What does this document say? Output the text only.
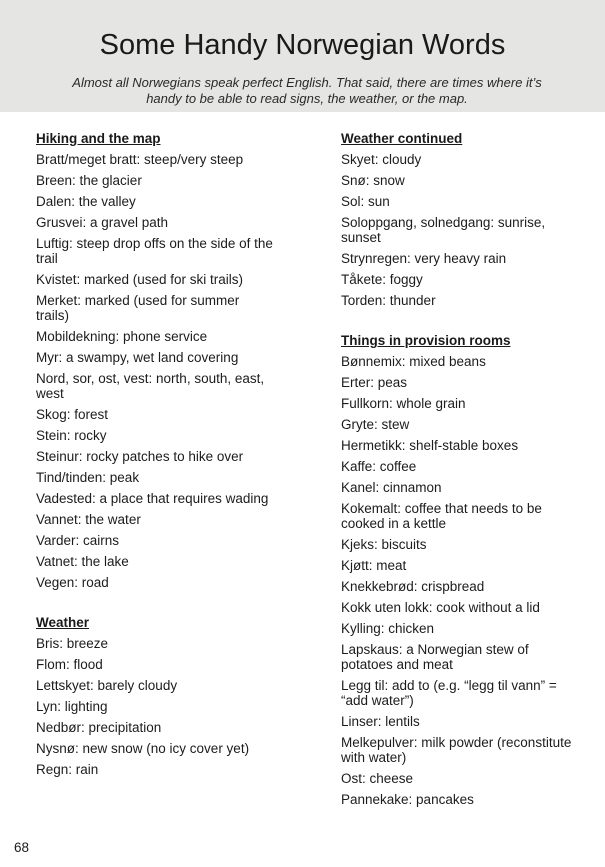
Some Handy Norwegian Words
Almost all Norwegians speak perfect English. That said, there are times where it’s handy to be able to read signs, the weather, or the map.
Hiking and the map
Bratt/meget bratt: steep/very steep
Breen: the glacier
Dalen: the valley
Grusvei: a gravel path
Luftig: steep drop offs on the side of the trail
Kvistet: marked (used for ski trails)
Merket: marked (used for summer trails)
Mobildekning: phone service
Myr: a swampy, wet land covering
Nord, sor, ost, vest: north, south, east, west
Skog: forest
Stein: rocky
Steinur: rocky patches to hike over
Tind/tinden: peak
Vadested: a place that requires wading
Vannet: the water
Varder: cairns
Vatnet: the lake
Vegen: road
Weather
Bris: breeze
Flom: flood
Lettskyet: barely cloudy
Lyn: lighting
Nedbør: precipitation
Nysnø: new snow (no icy cover yet)
Regn: rain
Weather continued
Skyet: cloudy
Snø: snow
Sol: sun
Soloppgang, solnedgang: sunrise, sunset
Strynregen: very heavy rain
Tåkete: foggy
Torden: thunder
Things in provision rooms
Bønnemix: mixed beans
Erter: peas
Fullkorn: whole grain
Gryte: stew
Hermetikk: shelf-stable boxes
Kaffe: coffee
Kanel: cinnamon
Kokemalt: coffee that needs to be cooked in a kettle
Kjeks: biscuits
Kjøtt: meat
Knekkebrød: crispbread
Kokk uten lokk: cook without a lid
Kylling: chicken
Lapskaus: a Norwegian stew of potatoes and meat
Legg til: add to (e.g. “legg til vann” = “add water”)
Linser: lentils
Melkepulver: milk powder (reconstitute with water)
Ost: cheese
Pannekake: pancakes
68
